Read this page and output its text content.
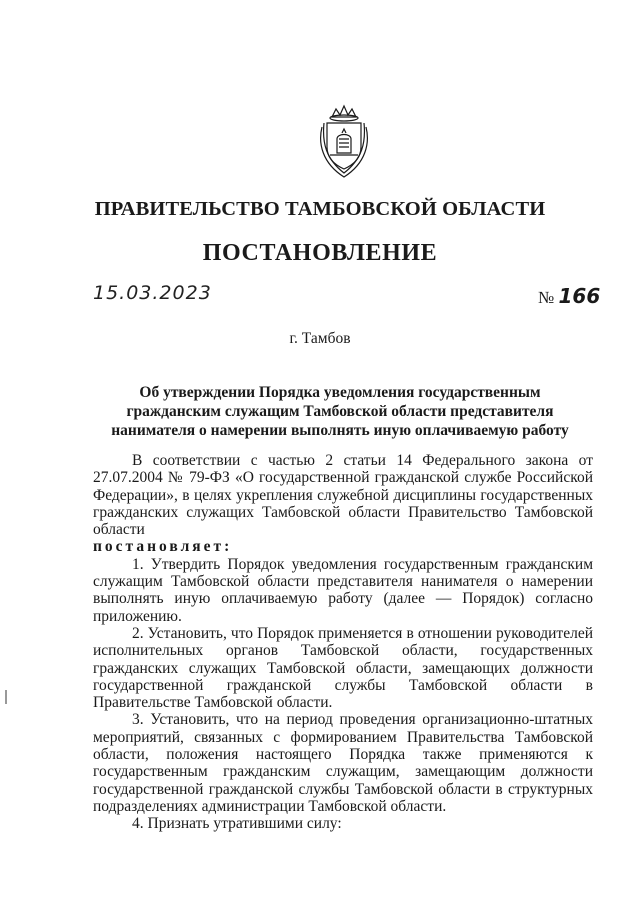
ПРАВИТЕЛЬСТВО ТАМБОВСКОЙ ОБЛАСТИ
ПОСТАНОВЛЕНИЕ
15.03.2023	№ 166
г. Тамбов
Об утверждении Порядка уведомления государственным гражданским служащим Тамбовской области представителя нанимателя о намерении выполнять иную оплачиваемую работу

В соответствии с частью 2 статьи 14 Федерального закона от 27.07.2004 № 79-ФЗ «О государственной гражданской службе Российской Федерации», в целях укрепления служебной дисциплины государственных гражданских служащих Тамбовской области Правительство Тамбовской области

постановляет:

1. Утвердить Порядок уведомления государственным гражданским служащим Тамбовской области представителя нанимателя о намерении выполнять иную оплачиваемую работу (далее — Порядок) согласно приложению.

2. Установить, что Порядок применяется в отношении руководителей исполнительных органов Тамбовской области, государственных гражданских служащих Тамбовской области, замещающих должности государственной гражданской службы Тамбовской области в Правительстве Тамбовской области.

3. Установить, что на период проведения организационно-штатных мероприятий, связанных с формированием Правительства Тамбовской области, положения настоящего Порядка также применяются к государственным гражданским служащим, замещающим должности государственной гражданской службы Тамбовской области в структурных подразделениях администрации Тамбовской области.

4. Признать утратившими силу:
